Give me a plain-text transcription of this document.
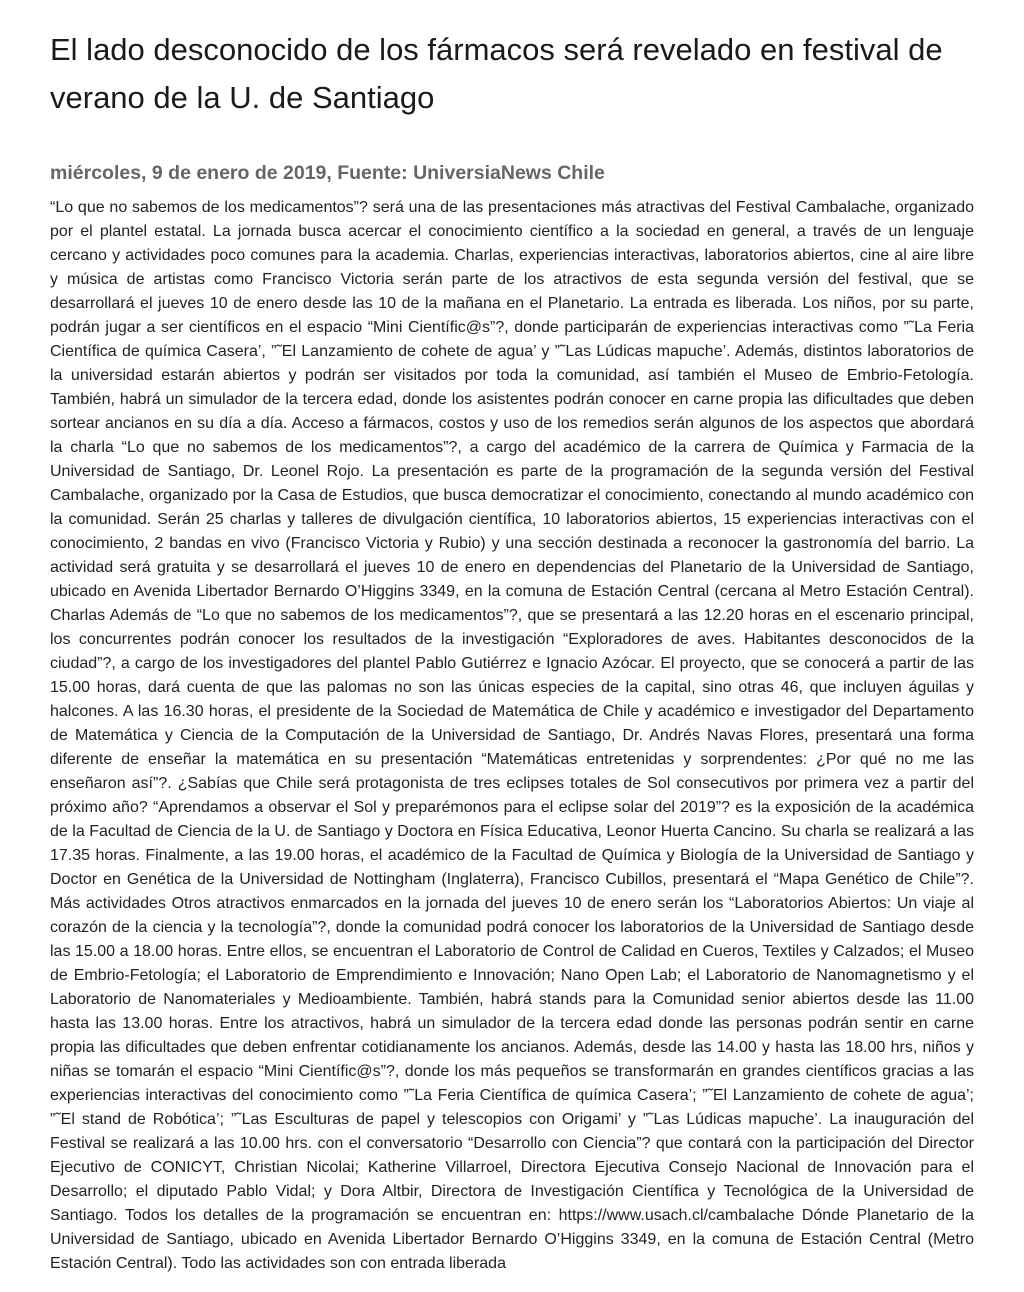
El lado desconocido de los fármacos será revelado en festival de verano de la U. de Santiago
miércoles, 9 de enero de 2019, Fuente: UniversiaNews Chile

“Lo que no sabemos de los medicamentos”? será una de las presentaciones más atractivas del Festival Cambalache, organizado por el plantel estatal. La jornada busca acercar el conocimiento científico a la sociedad en general, a través de un lenguaje cercano y actividades poco comunes para la academia. Charlas, experiencias interactivas, laboratorios abiertos, cine al aire libre y música de artistas como Francisco Victoria serán parte de los atractivos de esta segunda versión del festival, que se desarrollará el jueves 10 de enero desde las 10 de la mañana en el Planetario. La entrada es liberada. Los niños, por su parte, podrán jugar a ser científicos en el espacio “Mini Científic@s”?, donde participarán de experiencias interactivas como ”˜La Feria Científica de química Casera’, ”˜El Lanzamiento de cohete de agua’ y ”˜Las Lúdicas mapuche’. Además, distintos laboratorios de la universidad estarán abiertos y podrán ser visitados por toda la comunidad, así también el Museo de Embrio-Fetología. También, habrá un simulador de la tercera edad, donde los asistentes podrán conocer en carne propia las dificultades que deben sortear ancianos en su día a día. Acceso a fármacos, costos y uso de los remedios serán algunos de los aspectos que abordará la charla “Lo que no sabemos de los medicamentos”?, a cargo del académico de la carrera de Química y Farmacia de la Universidad de Santiago, Dr. Leonel Rojo. La presentación es parte de la programación de la segunda versión del Festival Cambalache, organizado por la Casa de Estudios, que busca democratizar el conocimiento, conectando al mundo académico con la comunidad. Serán 25 charlas y talleres de divulgación científica, 10 laboratorios abiertos, 15 experiencias interactivas con el conocimiento, 2 bandas en vivo (Francisco Victoria y Rubio) y una sección destinada a reconocer la gastronomía del barrio. La actividad será gratuita y se desarrollará el jueves 10 de enero en dependencias del Planetario de la Universidad de Santiago, ubicado en Avenida Libertador Bernardo O’Higgins 3349, en la comuna de Estación Central (cercana al Metro Estación Central). Charlas Además de “Lo que no sabemos de los medicamentos”?, que se presentará a las 12.20 horas en el escenario principal, los concurrentes podrán conocer los resultados de la investigación “Exploradores de aves. Habitantes desconocidos de la ciudad”?, a cargo de los investigadores del plantel Pablo Gutiérrez e Ignacio Azócar. El proyecto, que se conocerá a partir de las 15.00 horas, dará cuenta de que las palomas no son las únicas especies de la capital, sino otras 46, que incluyen águilas y halcones. A las 16.30 horas, el presidente de la Sociedad de Matemática de Chile y académico e investigador del Departamento de Matemática y Ciencia de la Computación de la Universidad de Santiago, Dr. Andrés Navas Flores, presentará una forma diferente de enseñar la matemática en su presentación “Matemáticas entretenidas y sorprendentes: ¿Por qué no me las enseñaron así”?. ¿Sabías que Chile será protagonista de tres eclipses totales de Sol consecutivos por primera vez a partir del próximo año? “Aprendamos a observar el Sol y preparémonos para el eclipse solar del 2019”? es la exposición de la académica de la Facultad de Ciencia de la U. de Santiago y Doctora en Física Educativa, Leonor Huerta Cancino. Su charla se realizará a las 17.35 horas. Finalmente, a las 19.00 horas, el académico de la Facultad de Química y Biología de la Universidad de Santiago y Doctor en Genética de la Universidad de Nottingham (Inglaterra), Francisco Cubillos, presentará el “Mapa Genético de Chile”?. Más actividades Otros atractivos enmarcados en la jornada del jueves 10 de enero serán los “Laboratorios Abiertos: Un viaje al corazón de la ciencia y la tecnología”?, donde la comunidad podrá conocer los laboratorios de la Universidad de Santiago desde las 15.00 a 18.00 horas. Entre ellos, se encuentran el Laboratorio de Control de Calidad en Cueros, Textiles y Calzados; el Museo de Embrio-Fetología; el Laboratorio de Emprendimiento e Innovación; Nano Open Lab; el Laboratorio de Nanomagnetismo y el Laboratorio de Nanomateriales y Medioambiente. También, habrá stands para la Comunidad senior abiertos desde las 11.00 hasta las 13.00 horas. Entre los atractivos, habrá un simulador de la tercera edad donde las personas podrán sentir en carne propia las dificultades que deben enfrentar cotidianamente los ancianos. Además, desde las 14.00 y hasta las 18.00 hrs, niños y niñas se tomarán el espacio “Mini Científic@s”?, donde los más pequeños se transformarán en grandes científicos gracias a las experiencias interactivas del conocimiento como ”˜La Feria Científica de química Casera’; ”˜El Lanzamiento de cohete de agua’; ”˜El stand de Robótica’; ”˜Las Esculturas de papel y telescopios con Origami’ y ”˜Las Lúdicas mapuche’. La inauguración del Festival se realizará a las 10.00 hrs. con el conversatorio “Desarrollo con Ciencia”? que contará con la participación del Director Ejecutivo de CONICYT, Christian Nicolai; Katherine Villarroel, Directora Ejecutiva Consejo Nacional de Innovación para el Desarrollo; el diputado Pablo Vidal; y Dora Altbir, Directora de Investigación Científica y Tecnológica de la Universidad de Santiago. Todos los detalles de la programación se encuentran en: https://www.usach.cl/cambalache Dónde Planetario de la Universidad de Santiago, ubicado en Avenida Libertador Bernardo O’Higgins 3349, en la comuna de Estación Central (Metro Estación Central). Todo las actividades son con entrada liberada
